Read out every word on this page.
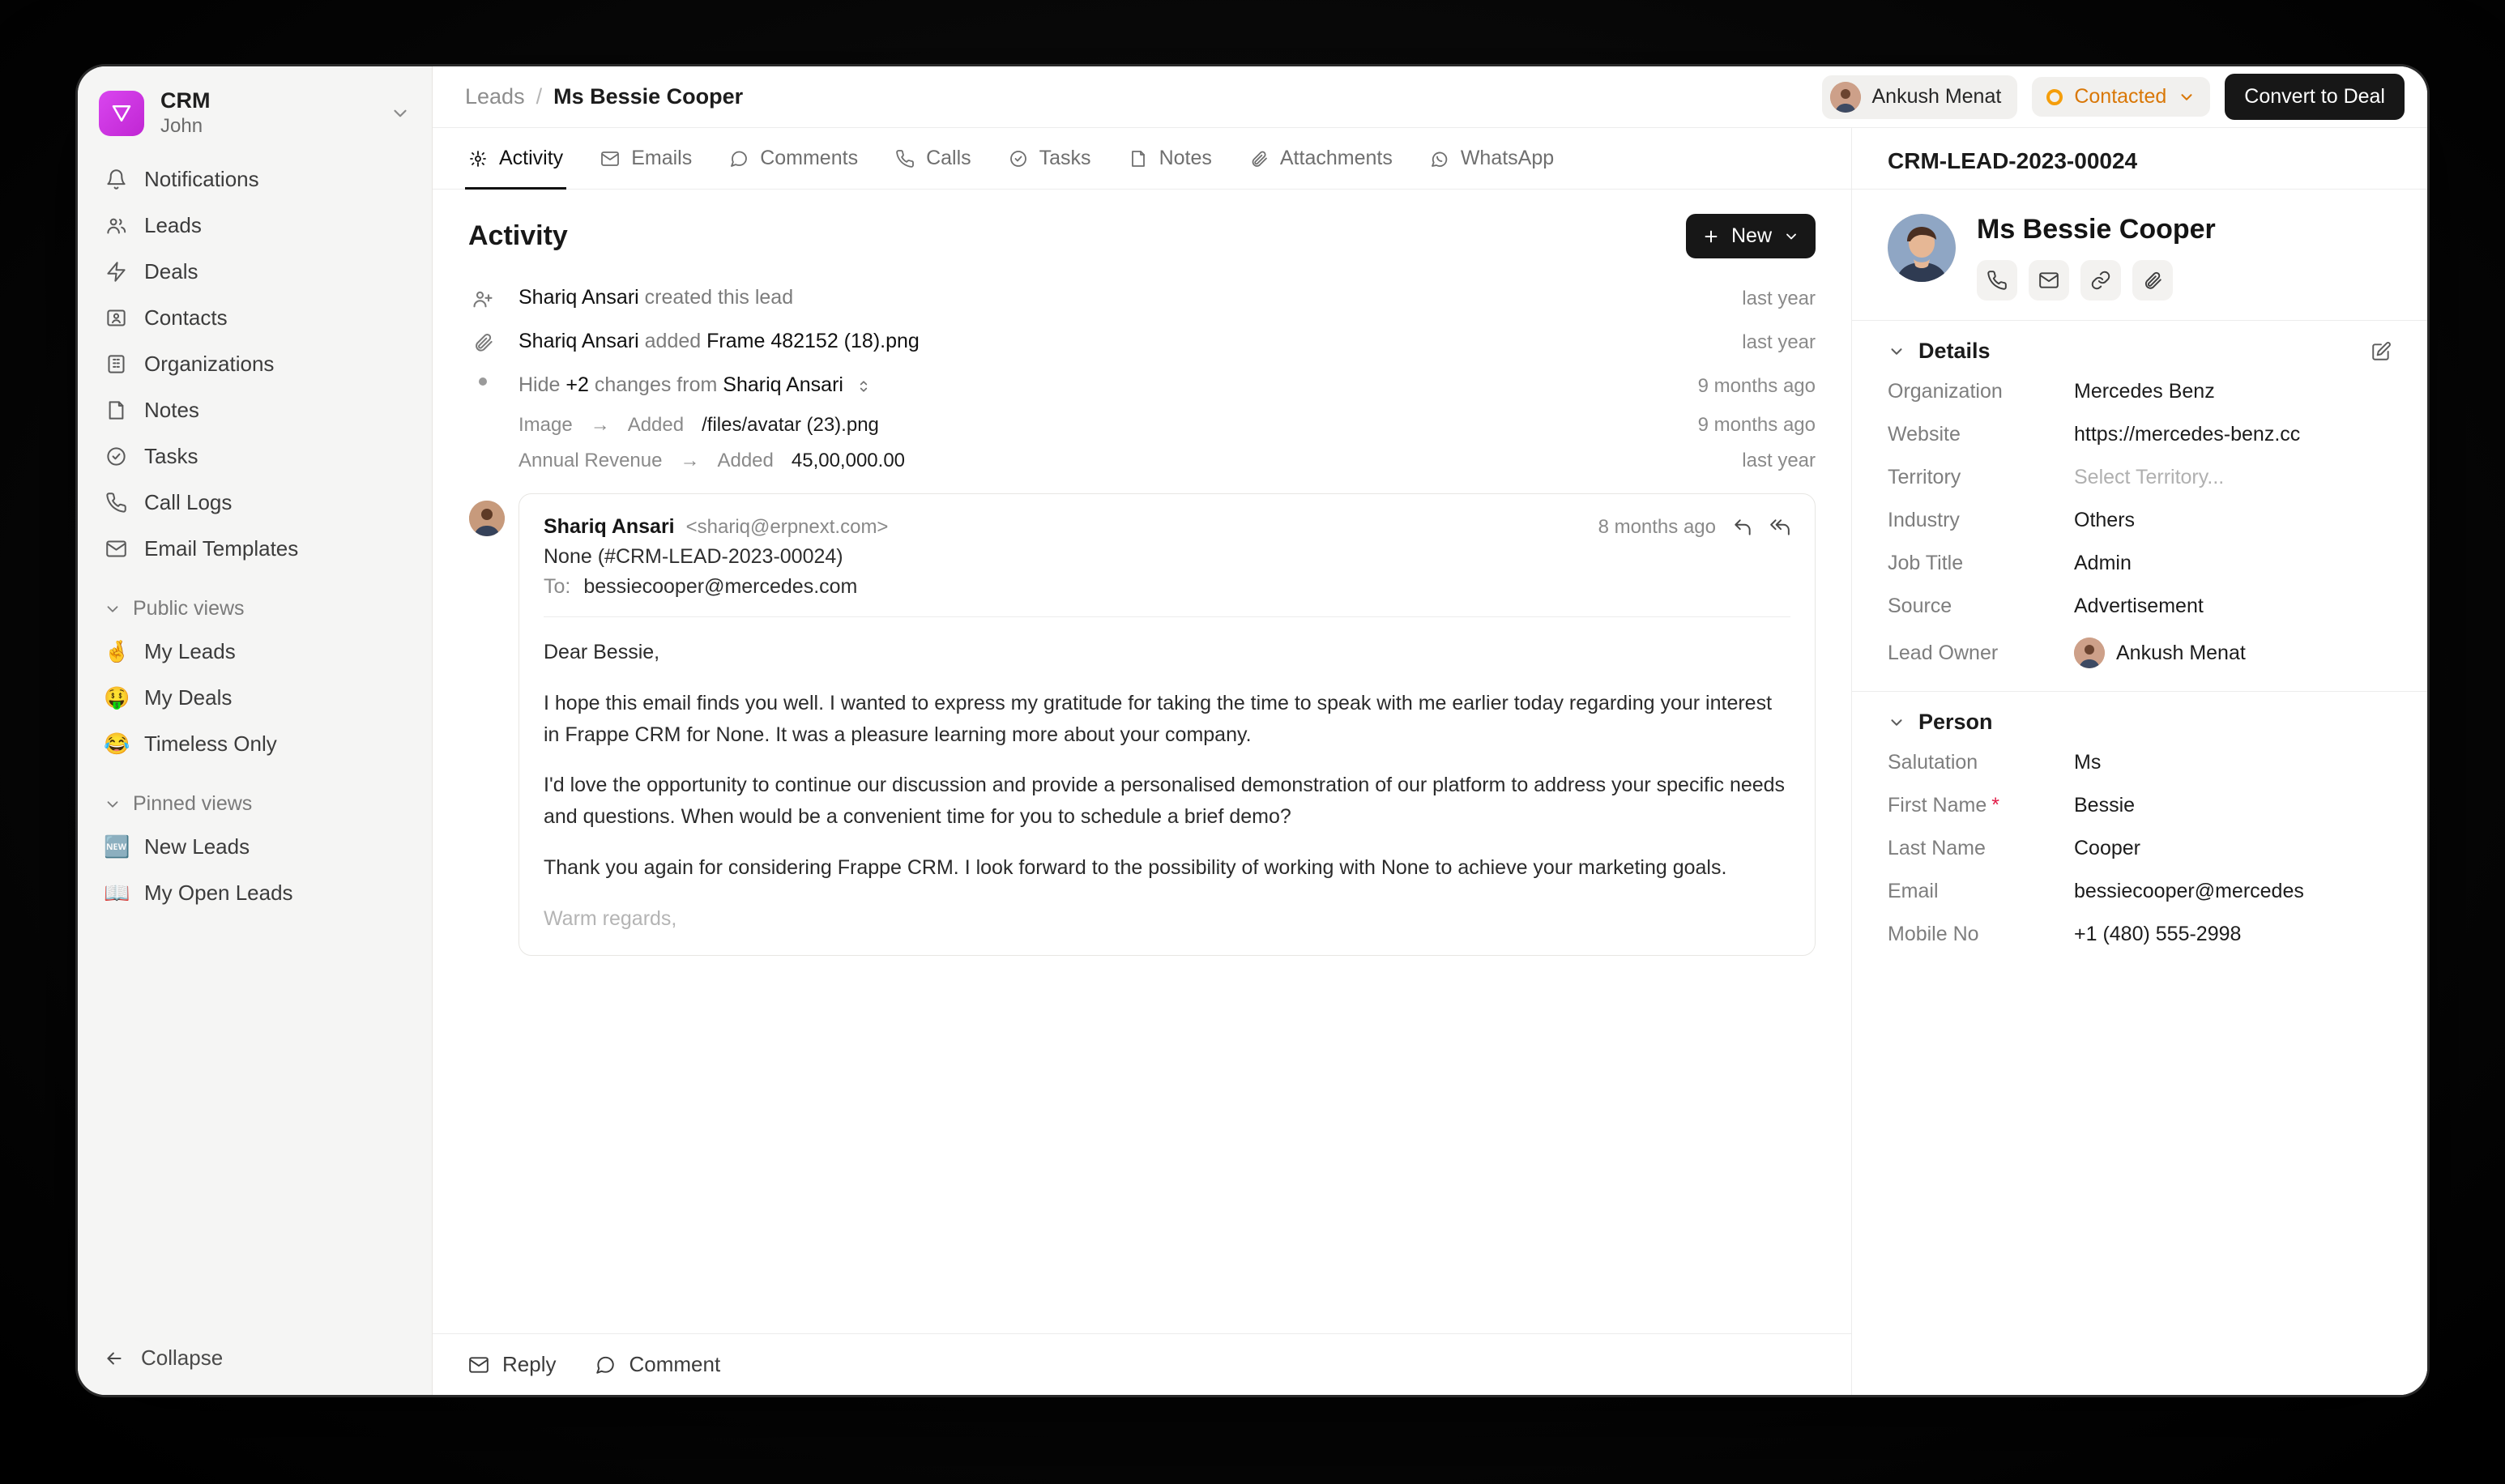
CRM
John
Notifications
Leads
Deals
Contacts
Organizations
Notes
Tasks
Call Logs
Email Templates
Public views
🤞 My Leads
🤑 My Deals
😂 Timeless Only
Pinned views
🆕 New Leads
📖 My Open Leads
Collapse
Leads / Ms Bessie Cooper	Ankush Menat	Contacted	Convert to Deal
Activity	Emails	Comments	Calls	Tasks	Notes	Attachments	WhatsApp
Activity	New
Shariq Ansari created this lead	last year
Shariq Ansari added Frame 482152 (18).png	last year
Hide +2 changes from Shariq Ansari	9 months ago
Image → Added /files/avatar (23).png	9 months ago
Annual Revenue → Added 45,00,000.00	last year
Shariq Ansari <shariq@erpnext.com>	8 months ago
None (#CRM-LEAD-2023-00024)
To: bessiecooper@mercedes.com

Dear Bessie,

I hope this email finds you well. I wanted to express my gratitude for taking the time to speak with me earlier today regarding your interest in Frappe CRM for None. It was a pleasure learning more about your company.

I'd love the opportunity to continue our discussion and provide a personalised demonstration of our platform to address your specific needs and questions. When would be a convenient time for you to schedule a brief demo?

Thank you again for considering Frappe CRM. I look forward to the possibility of working with None to achieve your marketing goals.

Warm regards,

Reply	Comment
CRM-LEAD-2023-00024
Ms Bessie Cooper
Details
Organization	Mercedes Benz
Website	https://mercedes-benz.cc
Territory	Select Territory...
Industry	Others
Job Title	Admin
Source	Advertisement
Lead Owner	Ankush Menat
Person
Salutation	Ms
First Name *	Bessie
Last Name	Cooper
Email	bessiecooper@mercedes
Mobile No	+1 (480) 555-2998
